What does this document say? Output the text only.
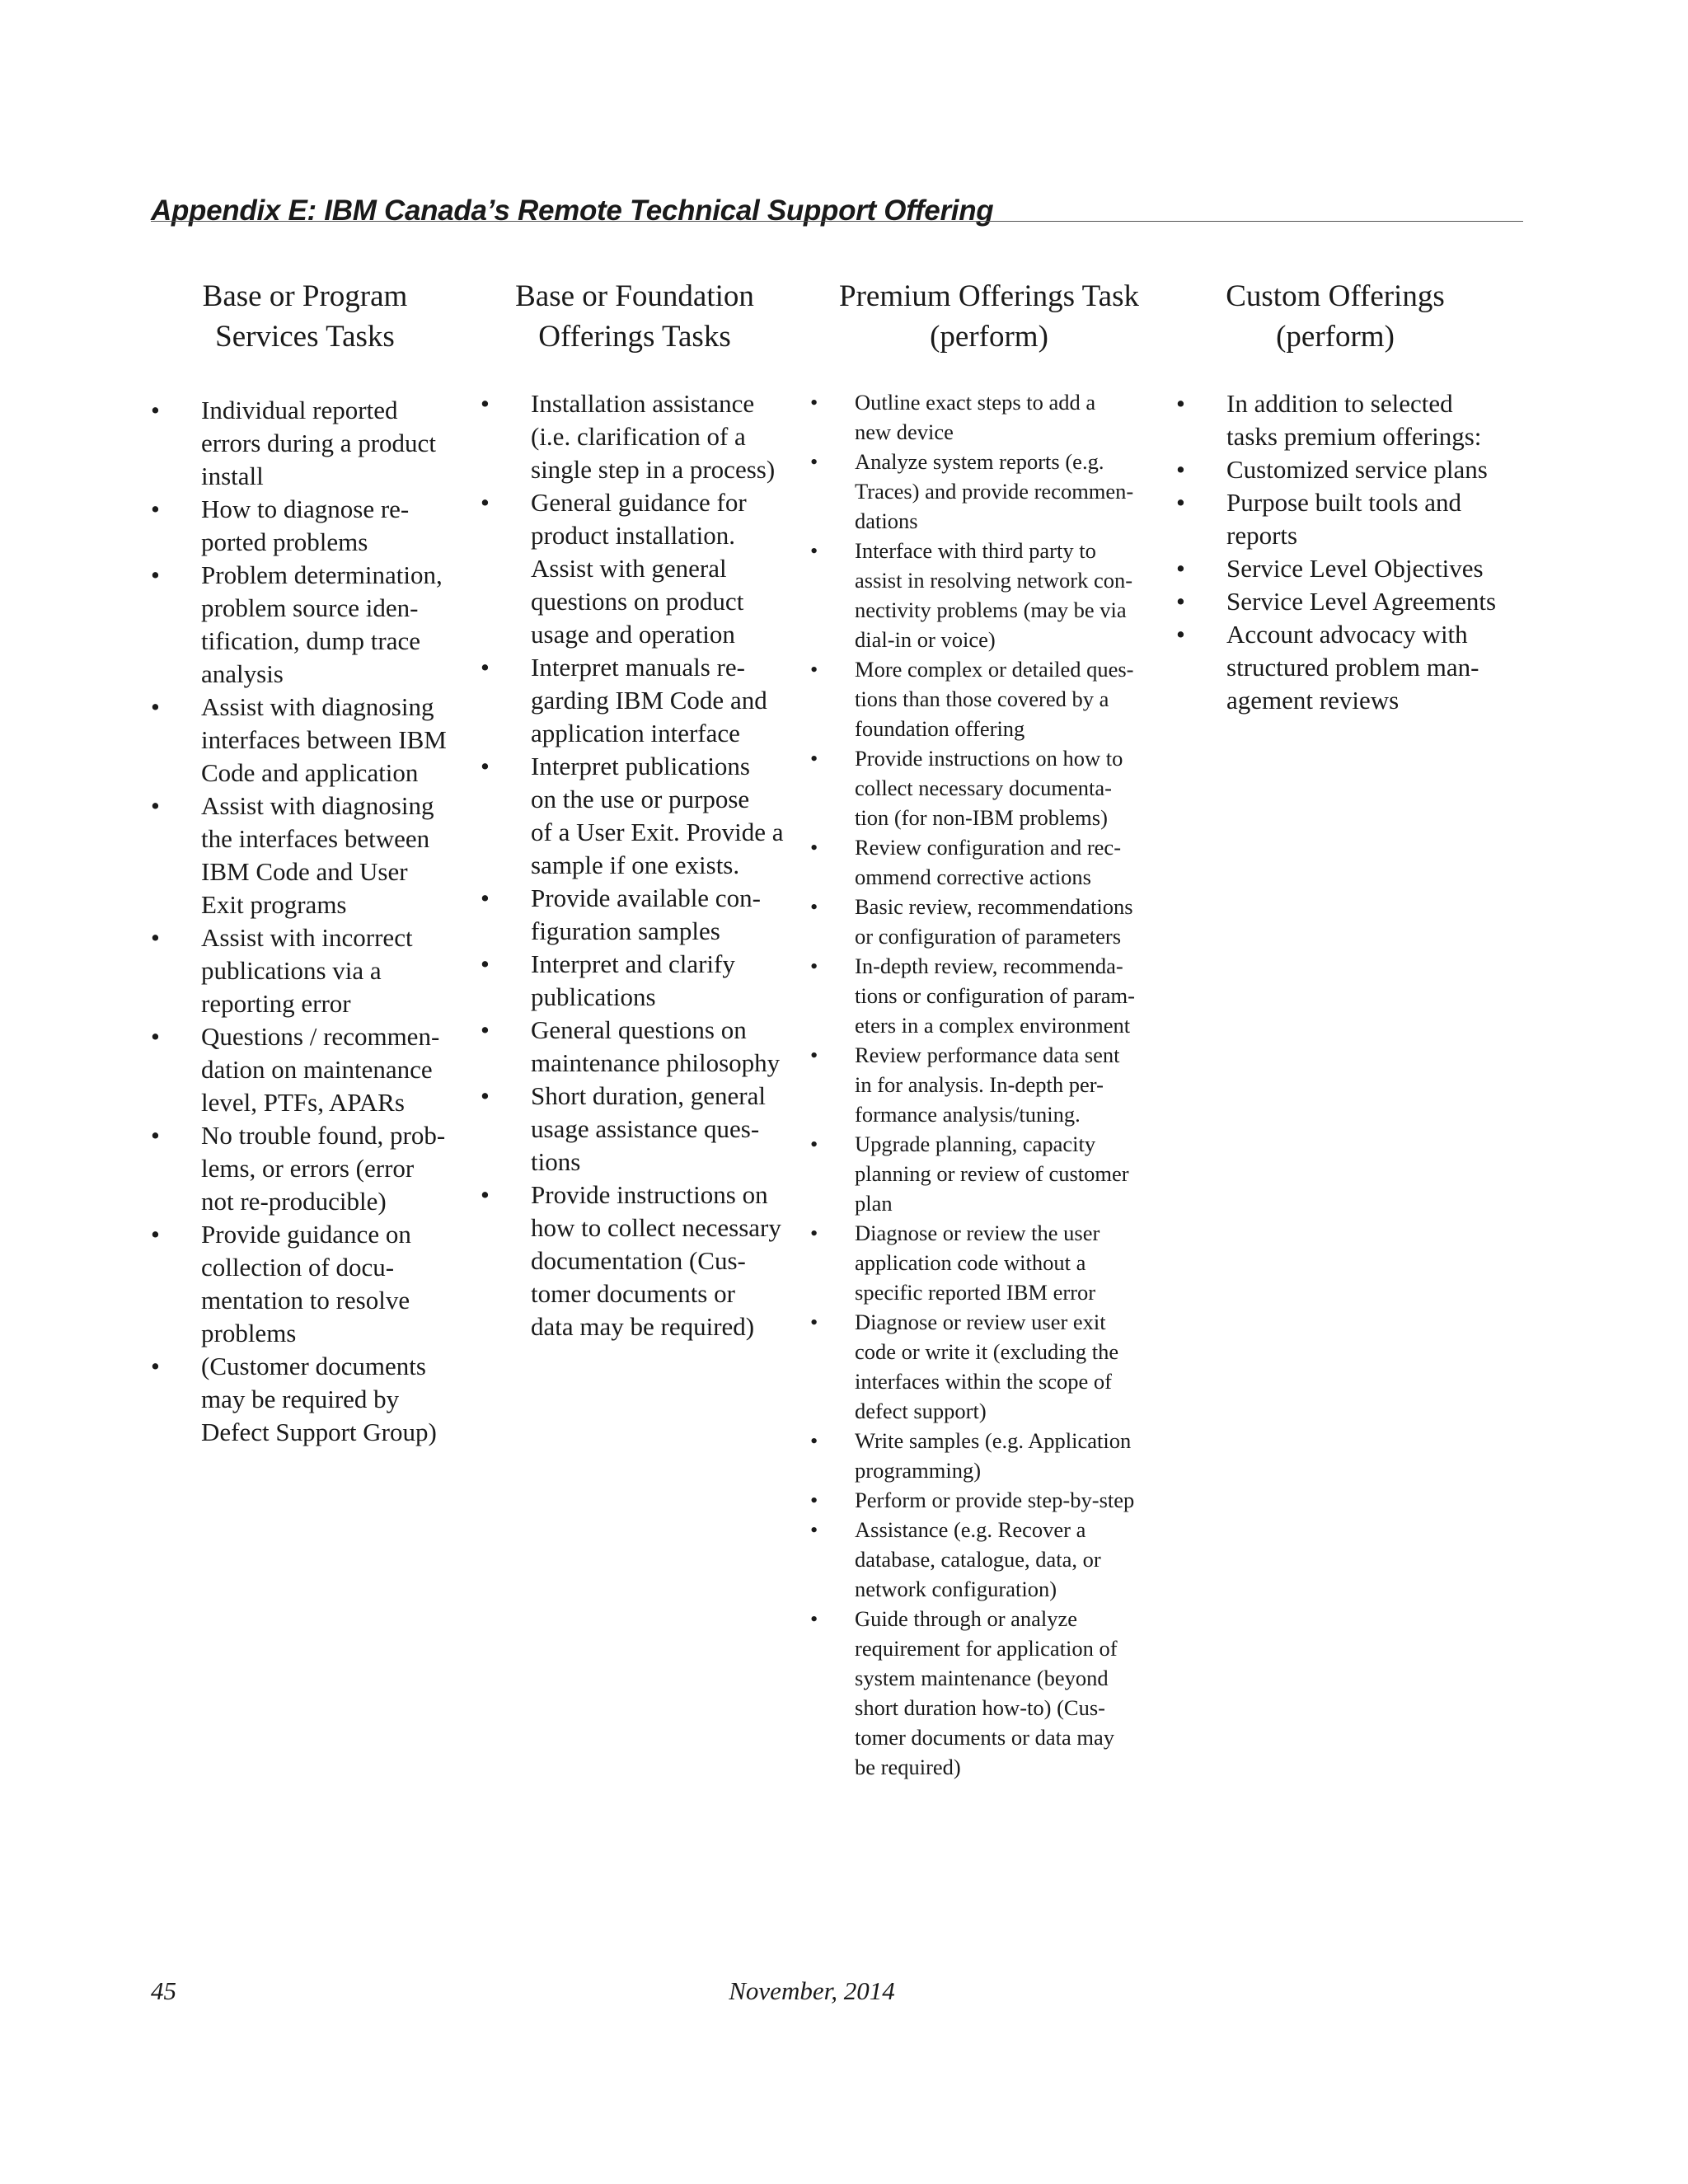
Appendix E: IBM Canada’s Remote Technical Support Offering
Base or Program
Services Tasks
• Individual reported
errors during a product
install
• How to diagnose re-
ported problems
• Problem determination,
problem source iden-
tification, dump trace
analysis
• Assist with diagnosing
interfaces between IBM
Code and application
• Assist with diagnosing
the interfaces between
IBM Code and User
Exit programs
• Assist with incorrect
publications via a
reporting error
• Questions / recommen-
dation on maintenance
level, PTFs, APARs
• No trouble found, prob-
lems, or errors (error
not re-producible)
• Provide guidance on
collection of docu-
mentation to resolve
problems
• (Customer documents
may be required by
Defect Support Group)
Base or Foundation
Offerings Tasks
• Installation assistance
(i.e. clarification of a
single step in a process)
• General guidance for
product installation.
Assist with general
questions on product
usage and operation
• Interpret manuals re-
garding IBM Code and
application interface
• Interpret publications
on the use or purpose
of a User Exit. Provide a
sample if one exists.
• Provide available con-
figuration samples
• Interpret and clarify
publications
• General questions on
maintenance philosophy
• Short duration, general
usage assistance ques-
tions
• Provide instructions on
how to collect necessary
documentation (Cus-
tomer documents or
data may be required)
Premium Offerings Task
(perform)
• Outline exact steps to add a
new device
• Analyze system reports (e.g.
Traces) and provide recommen-
dations
• Interface with third party to
assist in resolving network con-
nectivity problems (may be via
dial-in or voice)
• More complex or detailed ques-
tions than those covered by a
foundation offering
• Provide instructions on how to
collect necessary documenta-
tion (for non-IBM problems)
• Review configuration and rec-
ommend corrective actions
• Basic review, recommendations
or configuration of parameters
• In-depth review, recommenda-
tions or configuration of param-
eters in a complex environment
• Review performance data sent
in for analysis. In-depth per-
formance analysis/tuning.
• Upgrade planning, capacity
planning or review of customer
plan
• Diagnose or review the user
application code without a
specific reported IBM error
• Diagnose or review user exit
code or write it (excluding the
interfaces within the scope of
defect support)
• Write samples (e.g. Application
programming)
• Perform or provide step-by-step
• Assistance (e.g. Recover a
database, catalogue, data, or
network configuration)
• Guide through or analyze
requirement for application of
system maintenance (beyond
short duration how-to) (Cus-
tomer documents or data may
be required)
Custom Offerings
(perform)
• In addition to selected
tasks premium offerings:
• Customized service plans
• Purpose built tools and
reports
• Service Level Objectives
• Service Level Agreements
• Account advocacy with
structured problem man-
agement reviews
45	November, 2014
